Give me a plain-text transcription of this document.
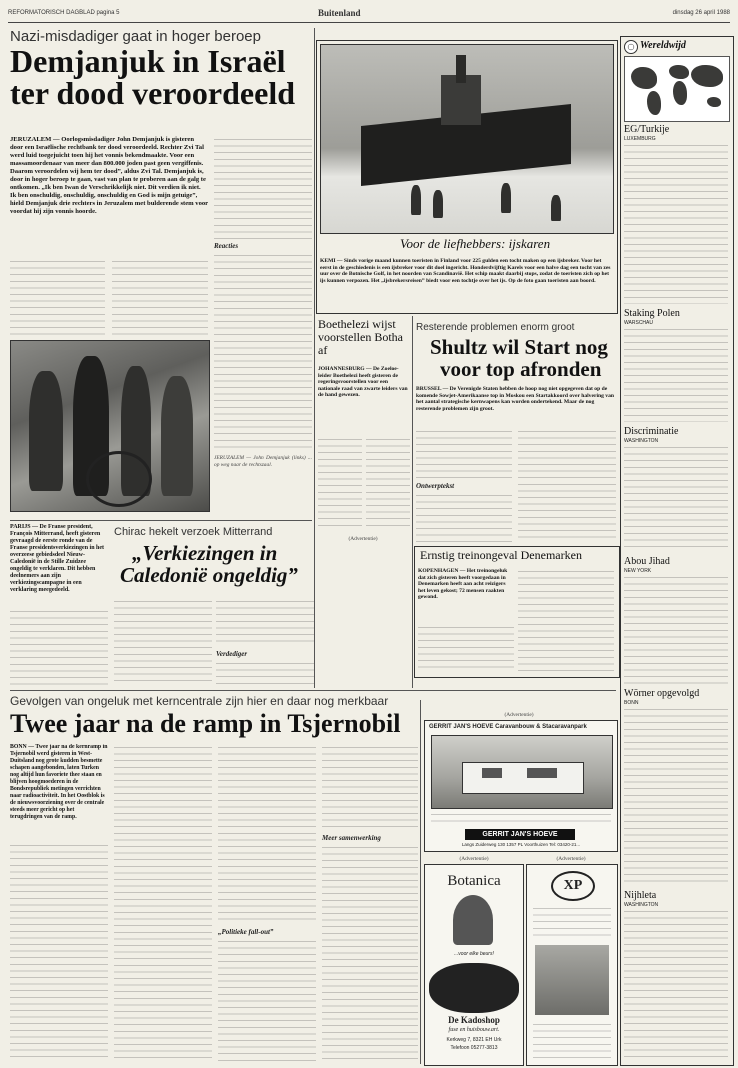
REFORMATORISCH DAGBLAD pagina 5	Buitenland	dinsdag 26 april 1988
Nazi-misdadiger gaat in hoger beroep
Demjanjuk in Israël
ter dood veroordeeld
JERUZALEM — Oorlogsmisdadiger John Demjanjuk is gisteren door een Israëlische rechtbank ter dood veroordeeld. Rechter Zvi Tal werd luid toegejuicht toen hij het vonnis bekendmaakte. Voor een massamoordenaar van meer dan 800.000 joden past geen vergiffenis. Daarom veroordelen wij hem ter dood”, aldus Zvi Tal. Demjanjuk is, door in hoger beroep te gaan, vast van plan te proberen aan de galg te ontkomen. „Ik ben Iwan de Verschrikkelijk niet. Dit verdien ik niet. Ik ben onschuldig, onschuldig, onschuldig en God is mijn getuige”, hield Demjanjuk drie rechters in Jeruzalem met bulderende stem voor voordat hij zijn vonnis hoorde.
Reacties
JERUZALEM — John Demjanjuk (links) ... op weg naar de rechtszaal.
PARIJS — De Franse president, François Mitterrand, heeft gisteren gevraagd de eerste ronde van de Franse presidentsverkiezingen in het overzeese gebiedsdeel Nieuw-Caledonië in de Stille Zuidzee ongeldig te verklaren. Dit hebben deelnemers aan zijn verkiezingscampagne in een verklaring meegedeeld.
Chirac hekelt verzoek Mitterrand
„Verkiezingen in
Caledonië ongeldig”
Verdediger
Voor de liefhebbers: ijskaren
KEMI — Sinds vorige maand kunnen toeristen in Finland voor 225 gulden een tocht maken op een ijsbreker. Voor het eerst in de geschiedenis is een ijsbreker voor dit doel ingericht. Honderdvijftig Karels voor een halve dag een tocht van zes uur over de Botnische Golf, in het noorden van Scandinavië. Het schip maakt daarbij stops, zodat de toeristen zich op het ijs kunnen verpozen. Het „ijsbrekersreisen” biedt voor een tochtje over het ijs. Op de foto gaan toeristen aan boord.
Boethelezi wijst voorstellen Botha af
JOHANNESBURG — De Zoeloe-leider Boethelezi heeft gisteren de regeringsvoorstellen voor een nationale raad van zwarte leiders van de hand gewezen.
Resterende problemen enorm groot
Shultz wil Start nog
voor top afronden
BRUSSEL — De Verenigde Staten hebben de hoop nog niet opgegeven dat op de komende Sowjet-Amerikaanse top in Moskou een Startakkoord over halvering van het aantal strategische kernwapens kan worden ondertekend. Maar de nog resterende problemen zijn groot.
Ontwerptekst
Ernstig treinongeval Denemarken
KOPENHAGEN — Het treinongeluk dat zich gisteren heeft voorgedaan in Denemarken heeft aan acht reizigers het leven gekost; 72 mensen raakten gewond.
(Advertentie)
Gevolgen van ongeluk met kerncentrale zijn hier en daar nog merkbaar
Twee jaar na de ramp in Tsjernobil
BONN — Twee jaar na de kernramp in Tsjernobil werd gisteren in West-Duitsland nog grote kudden besmette schapen aangebonden, laten Turken nog altijd hun favoriete thee staan en blijven hoogmoederen in de Bondsrepubliek metingen verrichten naar radioactiviteit. In het Oostblok is de nieuwsvoorziening over de centrale steeds meer gericht op het terugdringen van de ramp.
„Politieke fall-out”
Meer samenwerking
(Advertentie)
GERRIT JAN'S HOEVE Caravanbouw & Stacaravanpark
GERRIT JAN'S HOEVE
Langs Zuiderweg 130 1357 PL Voorthuizen Tel: 03420-21...
(Advertentie)
Botanica
...voor elke beurs!
De Kadoshop
fuse en huisbouw.art.
Kerkweg 7, 8321 EH Urk
Telefoon 05277-3813
(Advertentie)
XP
Wereldwijd
EG/Turkije
LUXEMBURG
Staking Polen
WARSCHAU
Discriminatie
WASHINGTON
Abou Jihad
NEW YORK
Wörner opgevolgd
BONN
Nijhleta
WASHINGTON
